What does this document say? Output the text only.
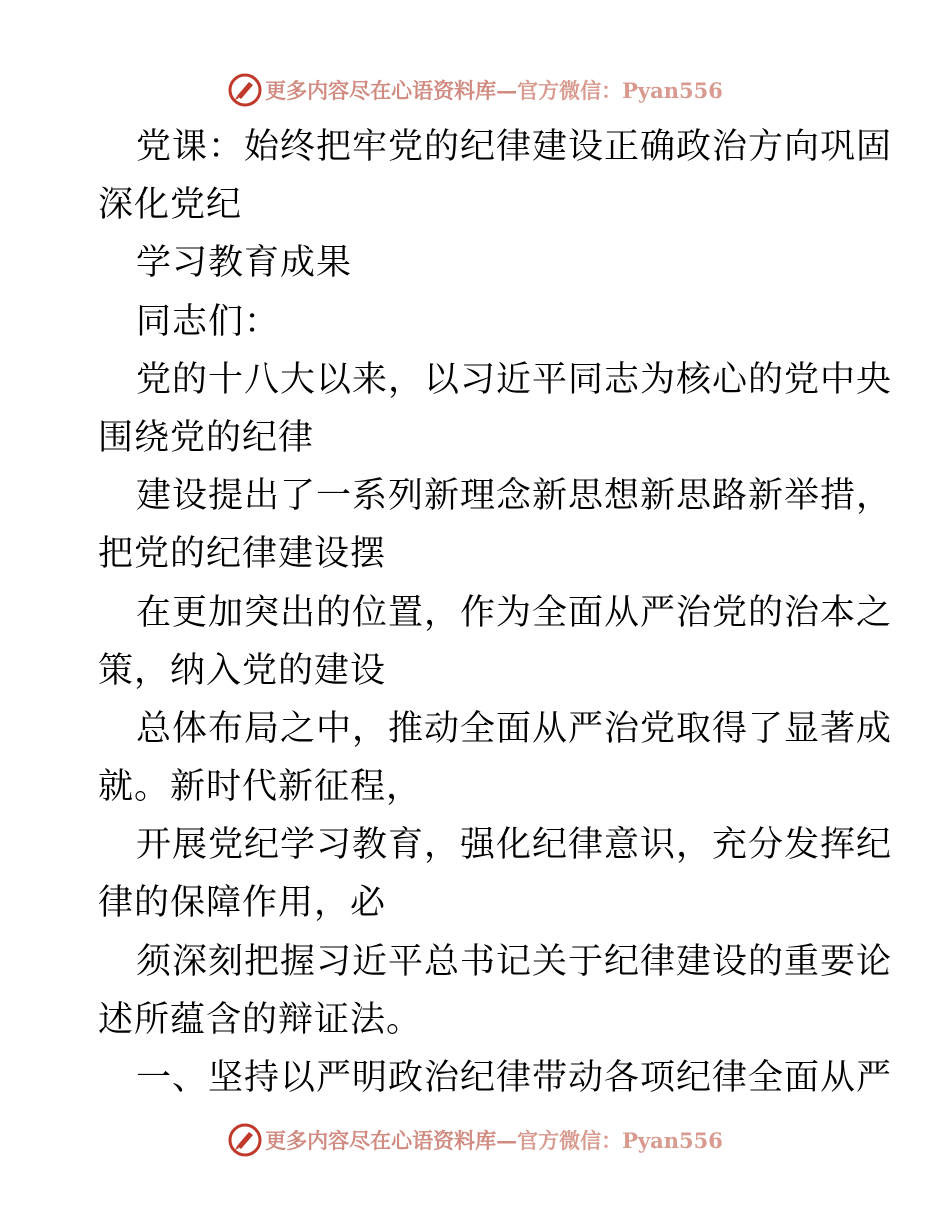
更多内容尽在心语资料库—官方微信：Pyan556
党课：始终把牢党的纪律建设正确政治方向巩固
深化党纪
学习教育成果
同志们：
党的十八大以来，以习近平同志为核心的党中央
围绕党的纪律
建设提出了一系列新理念新思想新思路新举措，
把党的纪律建设摆
在更加突出的位置，作为全面从严治党的治本之
策，纳入党的建设
总体布局之中，推动全面从严治党取得了显著成
就。新时代新征程，
开展党纪学习教育，强化纪律意识，充分发挥纪
律的保障作用，必
须深刻把握习近平总书记关于纪律建设的重要论
述所蕴含的辩证法。
一、坚持以严明政治纪律带动各项纪律全面从严
更多内容尽在心语资料库—官方微信：Pyan556
